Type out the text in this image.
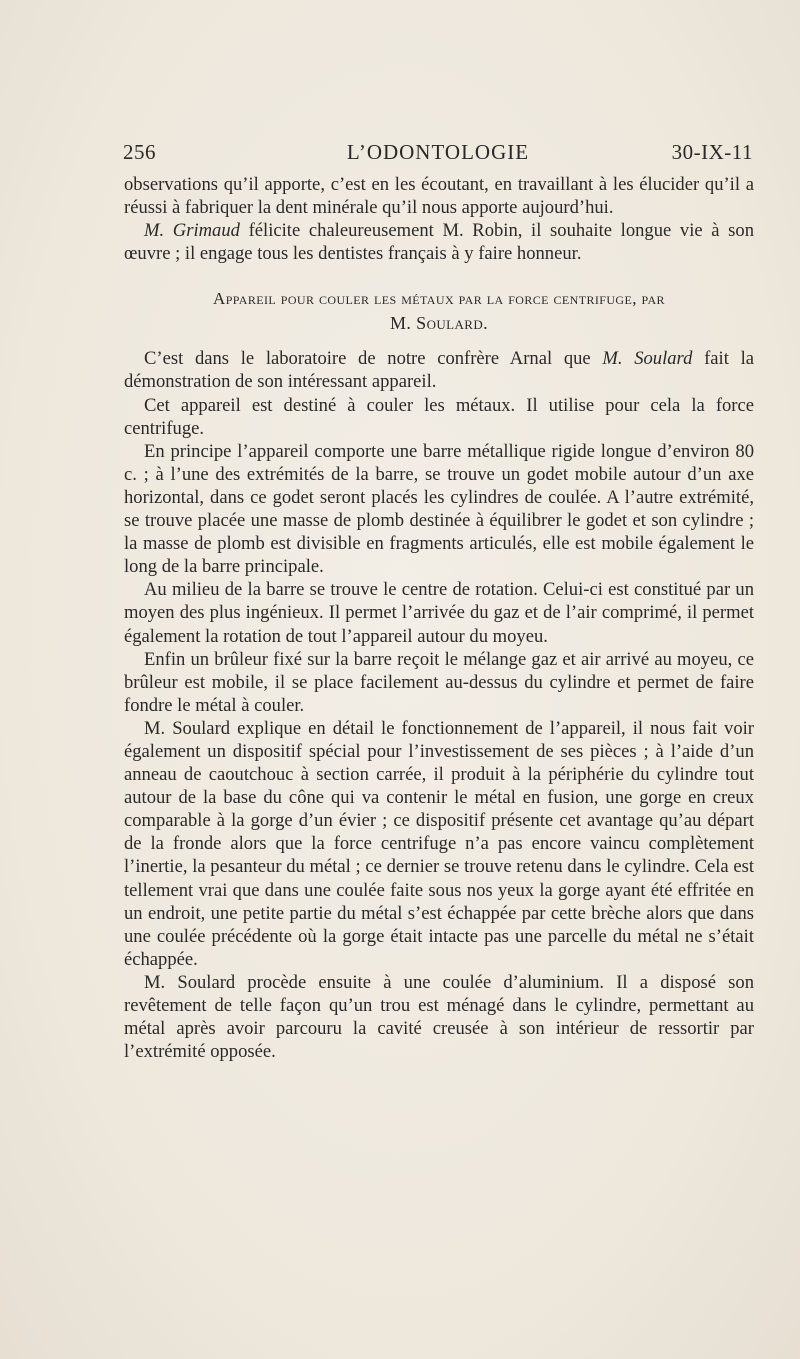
256	L’ODONTOLOGIE	30-IX-11

observations qu’il apporte, c’est en les écoutant, en travaillant à les élucider qu’il a réussi à fabriquer la dent minérale qu’il nous apporte aujourd’hui.

M. Grimaud félicite chaleureusement M. Robin, il souhaite longue vie à son œuvre ; il engage tous les dentistes français à y faire honneur.

Appareil pour couler les métaux par la force centrifuge, par
M. Soulard.

C’est dans le laboratoire de notre confrère Arnal que M. Soulard fait la démonstration de son intéressant appareil.

Cet appareil est destiné à couler les métaux. Il utilise pour cela la force centrifuge.

En principe l’appareil comporte une barre métallique rigide longue d’environ 80 c. ; à l’une des extrémités de la barre, se trouve un godet mobile autour d’un axe horizontal, dans ce godet seront placés les cylindres de coulée. A l’autre extrémité, se trouve placée une masse de plomb destinée à équilibrer le godet et son cylindre ; la masse de plomb est divisible en fragments articulés, elle est mobile également le long de la barre principale.

Au milieu de la barre se trouve le centre de rotation. Celui-ci est constitué par un moyen des plus ingénieux. Il permet l’arrivée du gaz et de l’air comprimé, il permet également la rotation de tout l’appareil autour du moyeu.

Enfin un brûleur fixé sur la barre reçoit le mélange gaz et air arrivé au moyeu, ce brûleur est mobile, il se place facilement au-dessus du cylindre et permet de faire fondre le métal à couler.

M. Soulard explique en détail le fonctionnement de l’appareil, il nous fait voir également un dispositif spécial pour l’investissement de ses pièces ; à l’aide d’un anneau de caoutchouc à section carrée, il produit à la périphérie du cylindre tout autour de la base du cône qui va contenir le métal en fusion, une gorge en creux comparable à la gorge d’un évier ; ce dispositif présente cet avantage qu’au départ de la fronde alors que la force centrifuge n’a pas encore vaincu complètement l’inertie, la pesanteur du métal ; ce dernier se trouve retenu dans le cylindre. Cela est tellement vrai que dans une coulée faite sous nos yeux la gorge ayant été effritée en un endroit, une petite partie du métal s’est échappée par cette brèche alors que dans une coulée précédente où la gorge était intacte pas une parcelle du métal ne s’était échappée.

M. Soulard procède ensuite à une coulée d’aluminium. Il a disposé son revêtement de telle façon qu’un trou est ménagé dans le cylindre, permettant au métal après avoir parcouru la cavité creusée à son intérieur de ressortir par l’extrémité opposée.
